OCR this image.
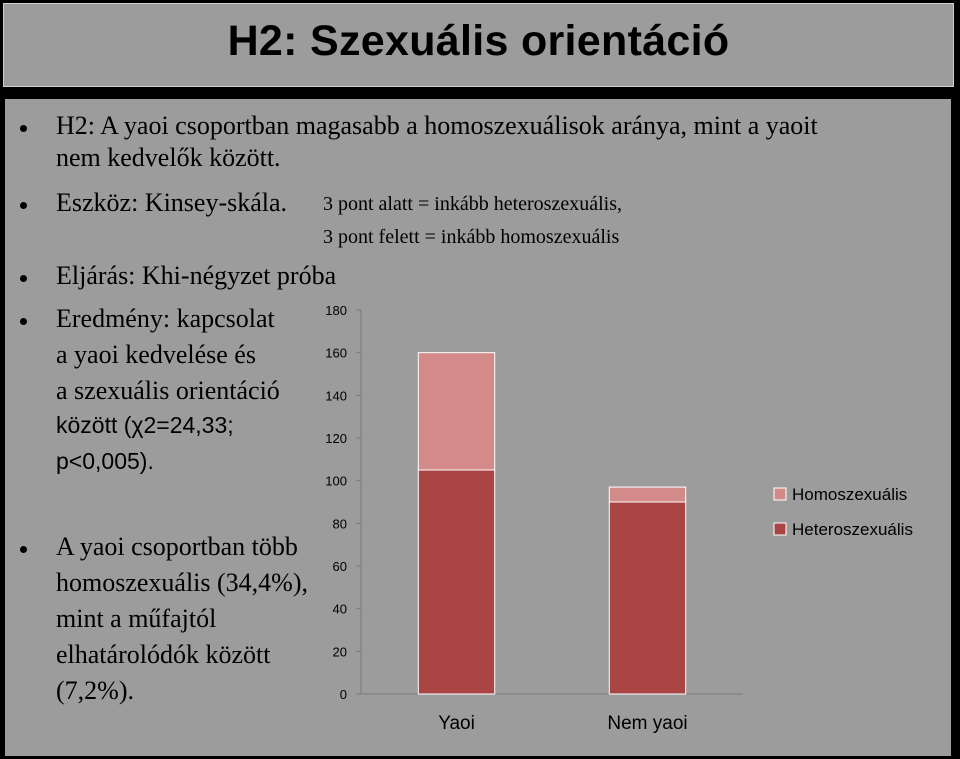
H2: Szexuális orientáció
0
20
40
60
80
100
120
140
160
180
Yaoi	Nem yaoi
Homoszexuális
Heteroszexuális
H2: A yaoi csoportban magasabb a homoszexuálisok aránya, mint a yaoit
nem kedvelők között.
Eszköz: Kinsey-skála. 3 pont alatt = inkább heteroszexuális,
3 pont felett = inkább homoszexuális
Eljárás: Khi-négyzet próba
Eredmény: kapcsolat
a yaoi kedvelése és
a szexuális orientáció
között (χ2=24,33;
p<0,005).
A yaoi csoportban több
homoszexuális (34,4%),
mint a műfajtól
elhatárolódók között
(7,2%).
